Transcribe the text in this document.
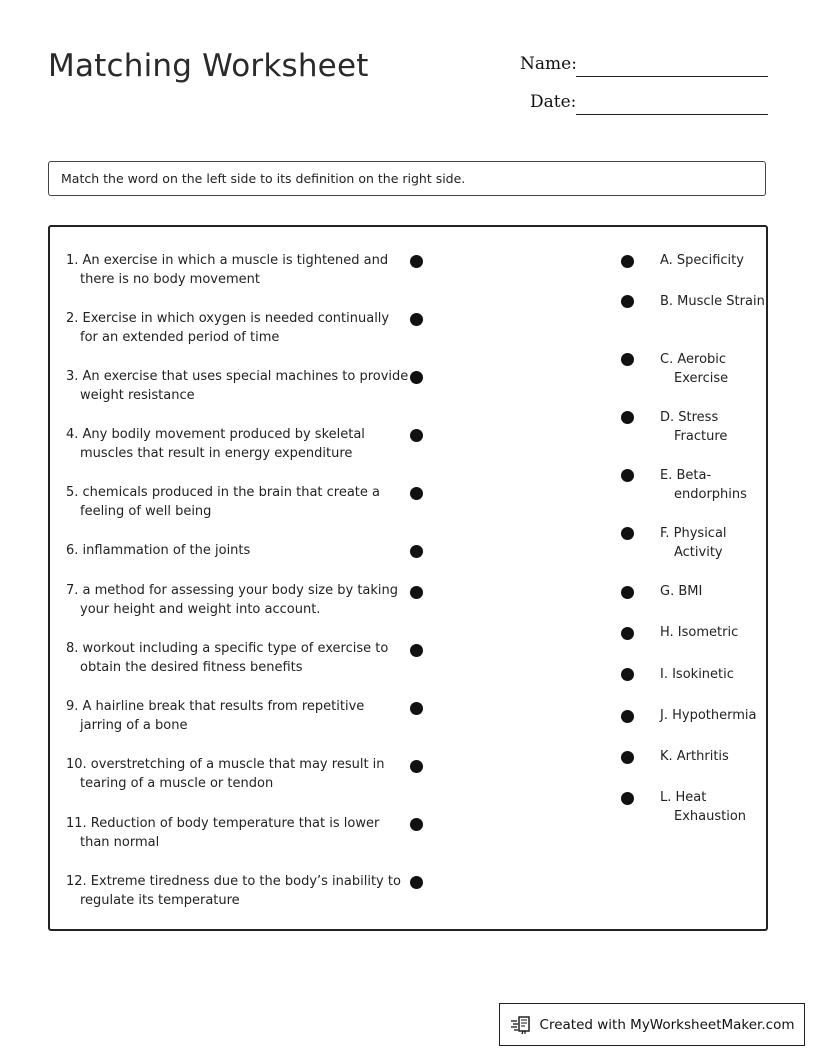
Matching Worksheet	Name:
Date:
Match the word on the left side to its definition on the right side.
1. An exercise in which a muscle is tightened and there is no body movement
2. Exercise in which oxygen is needed continually for an extended period of time
3. An exercise that uses special machines to provide weight resistance
4. Any bodily movement produced by skeletal muscles that result in energy expenditure
5. chemicals produced in the brain that create a feeling of well being
6. inflammation of the joints
7. a method for assessing your body size by taking your height and weight into account.
8. workout including a specific type of exercise to obtain the desired fitness benefits
9. A hairline break that results from repetitive jarring of a bone
10. overstretching of a muscle that may result in tearing of a muscle or tendon
11. Reduction of body temperature that is lower than normal
12. Extreme tiredness due to the body’s inability to regulate its temperature
A. Specificity
B. Muscle Strain
C. Aerobic Exercise
D. Stress Fracture
E. Beta-endorphins
F. Physical Activity
G. BMI
H. Isometric
I. Isokinetic
J. Hypothermia
K. Arthritis
L. Heat Exhaustion
Created with MyWorksheetMaker.com
